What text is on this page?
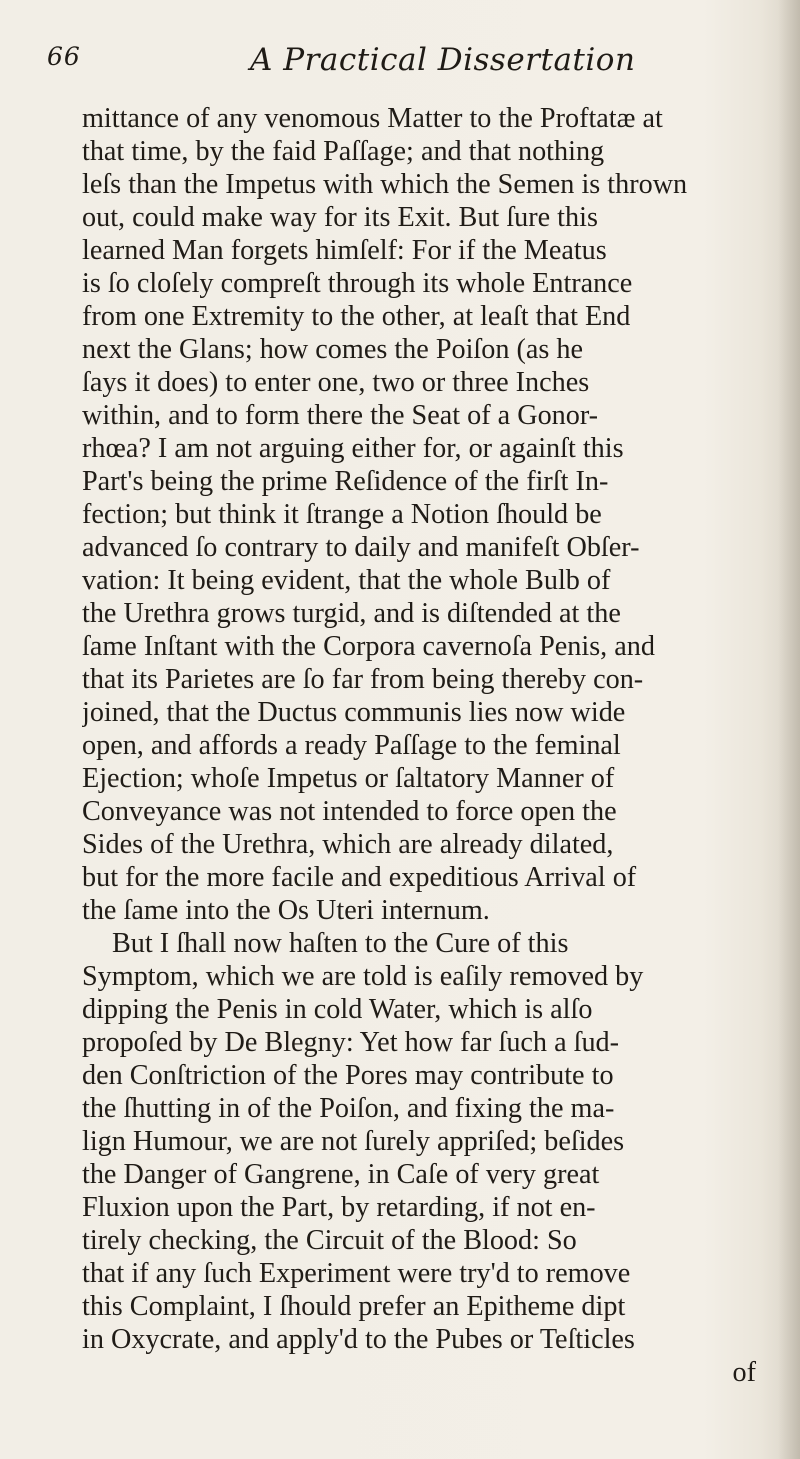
66	A Practical Dissertation
mittance of any venomous Matter to the Proftatæ at
that time, by the faid Paſſage; and that nothing
leſs than the Impetus with which the Semen is thrown
out, could make way for its Exit. But ſure this
learned Man forgets himſelf: For if the Meatus
is ſo cloſely compreſt through its whole Entrance
from one Extremity to the other, at leaſt that End
next the Glans; how comes the Poiſon (as he
ſays it does) to enter one, two or three Inches
within, and to form there the Seat of a Gonor-
rhœa? I am not arguing either for, or againſt this
Part's being the prime Reſidence of the firſt In-
fection; but think it ſtrange a Notion ſhould be
advanced ſo contrary to daily and manifeſt Obſer-
vation: It being evident, that the whole Bulb of
the Urethra grows turgid, and is diſtended at the
ſame Inſtant with the Corpora cavernoſa Penis, and
that its Parietes are ſo far from being thereby con-
joined, that the Ductus communis lies now wide
open, and affords a ready Paſſage to the feminal
Ejection; whoſe Impetus or ſaltatory Manner of
Conveyance was not intended to force open the
Sides of the Urethra, which are already dilated,
but for the more facile and expeditious Arrival of
the ſame into the Os Uteri internum.
But I ſhall now haſten to the Cure of this
Symptom, which we are told is eaſily removed by
dipping the Penis in cold Water, which is alſo
propoſed by De Blegny: Yet how far ſuch a ſud-
den Conſtriction of the Pores may contribute to
the ſhutting in of the Poiſon, and fixing the ma-
lign Humour, we are not ſurely appriſed; beſides
the Danger of Gangrene, in Caſe of very great
Fluxion upon the Part, by retarding, if not en-
tirely checking, the Circuit of the Blood: So
that if any ſuch Experiment were try'd to remove
this Complaint, I ſhould prefer an Epitheme dipt
in Oxycrate, and apply'd to the Pubes or Teſticles
of
